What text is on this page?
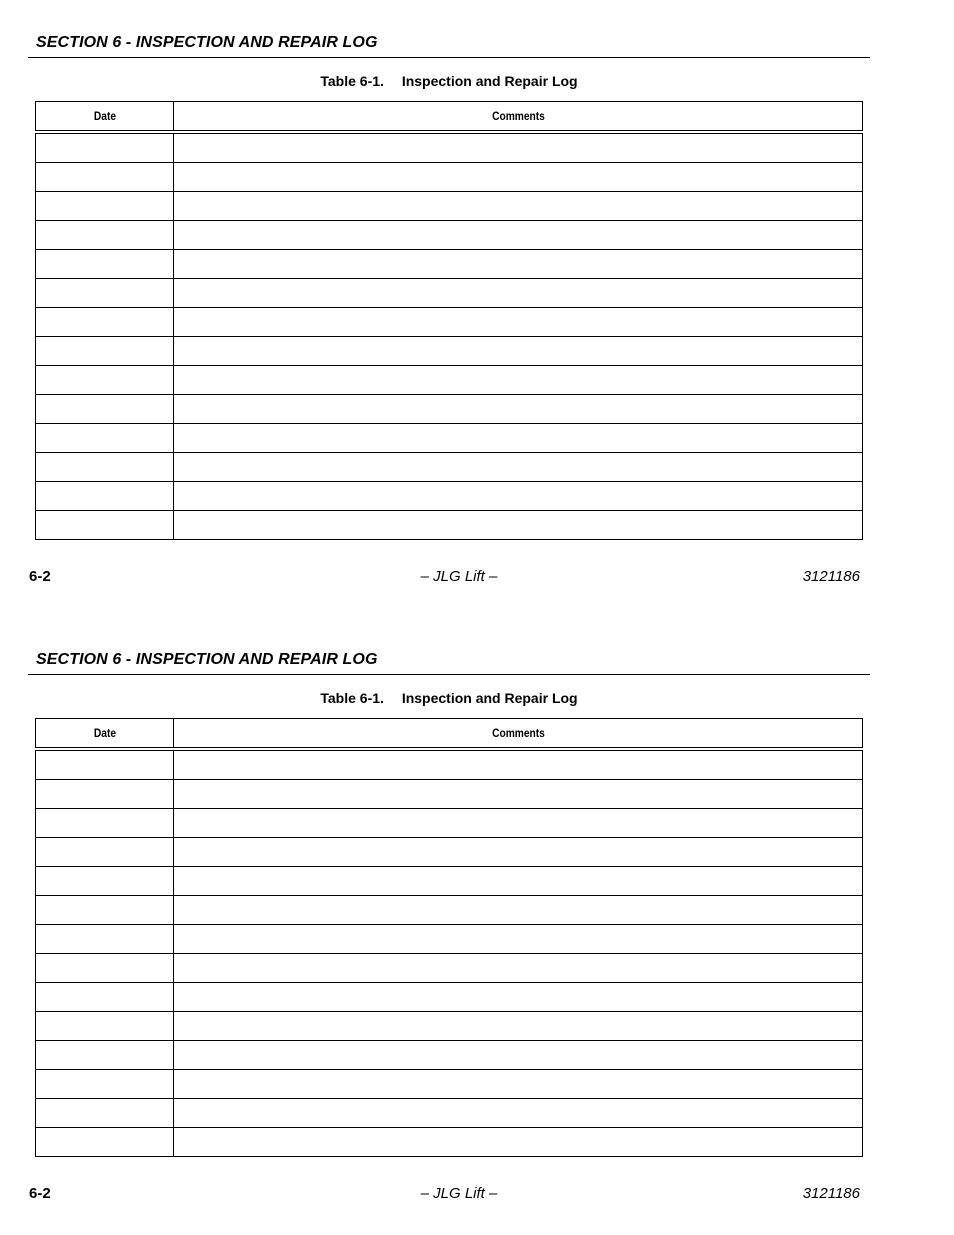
SECTION 6 - INSPECTION AND REPAIR LOG
Table 6-1. Inspection and Repair Log
Date	Comments

6-2	– JLG Lift –	3121186
SECTION 6 - INSPECTION AND REPAIR LOG
Table 6-1. Inspection and Repair Log
Date	Comments

6-2	– JLG Lift –	3121186
